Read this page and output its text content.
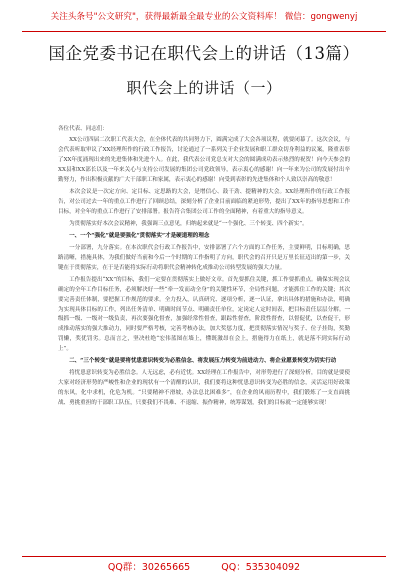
关注头条号"公文研究"，获得最新最全最专业的公文资料库！ 微信：gongwenyj
国企党委书记在职代会上的讲话（13篇）
职代会上的讲话（一）

各位代表、同志们：

XX公司四届二次职工代表大会，在全体代表的共同努力下，圆满完成了大会各项议程，就要闭幕了。这次会议，与会代表听取审议了XX经理所作的行政工作报告，讨论通过了一系列关于企业发展和职工群众切身利益的议案，隆重表彰了XX年度涌现出来的先进集体和先进个人。在此，我代表公司党总支对大会的圆满成功表示热烈的祝贺！向今天参会的XX县和XX部长以及一年来关心与支持公司发展的集团公司党政领导，表示衷心的感谢！向一年来为公司的发展付出辛勤努力，作出积极贡献的广大干部职工和家属，表示衷心的感谢！向受到表彰的先进集体和个人致以崇高的敬意！

本次会议是一次定方向、定目标、定思路的大会，是增信心、鼓干劲、提精神的大会。XX经理所作的行政工作报告，对公司过去一年的重点工作进行了回顾总结，深刻分析了企业目前面临的紧迫形势，提出了XX年的指导思想和工作目标，对全年的重点工作进行了安排部署。报告符合集团公司工作的全面精神，有着重大的指导意义。

为贯彻落实好本次会议精神，我强调三点意见，归纳起来就是“一个强化、三个转变、四个新实”。

一、一个“强化”就是要强化“贯彻落实”才是硬道理的理念

一分部署，九分落实。在本次职代会行政工作报告中，安排部署了六个方面的工作任务，主要鲜明，目标明确，思路清晰，措施具体，为我们做好当前和今后一个时期的工作指明了方向，职代会的召开只是万里长征迈出的第一步，关键在于贯彻落实，在于是否能将实际行动将职代会精神转化成推动公司转型发展的强大力量。

工作报告提出“XX”的目标，我们一定要在贯彻落实上做好文章。首先要抓住关键，抓工作要抓重点。确保实现会议确定的全年工作目标任务，必须解决好一些“牵一发而动全身”的关键性环节，全局性问题，才能抓住工作的关键；其次要完善责任体制，要把握工作规范的要求。全力投入，认真研究、逐项分析，逐一认证，拿出具体的措施和办法，明确为实现具体目标的工作，列出任务清单、明确时间节点、明确责任单位，定岗定人定时间表，把目标责任层层分解。一级抓一级、一级对一级负责，再次要强化督查，加强经常性督查，跟踪性督查，阶段性督查，以督促优，以查促干，形成推动落实的强大推动力，同时要严格考核，完善考核办法，加大奖惩力度，把贯彻落实情况与奖子、位子挂钩，奖勤罚懒，奖优罚劣。总而言之，坚决杜绝“宏伟蓝图在墙上，懂既激昂在会上，措施得力在纸上，就是落不到实际行动上”。

二、“三个转变”就是要将忧患意识转变为必胜信念、将发展压力转变为前进动力、将企业愿景转变为切实行动

将忧患意识转变为必胜信念。人无远虑，必有近忧。XX经理在工作报告中，对形势进行了深刻分析，目的就是要使大家对经济形势的严峻性和企业的现状有一个清醒的认识，我们要将这种忧患意识转变为必胜的信念，灵活运用好政策的东风，化中求机，化危为机。“只要精神不滑坡，办法总比困难多”，在企业的风雨历程中，我们锻炼了一支直面挑战、勇挑重担的干部职工队伍，只要我们不畏难、不退缩、振作精神，统筹谋划，我们的目标就一定能够实现！

QQ群：30265665	QQ：535304092
